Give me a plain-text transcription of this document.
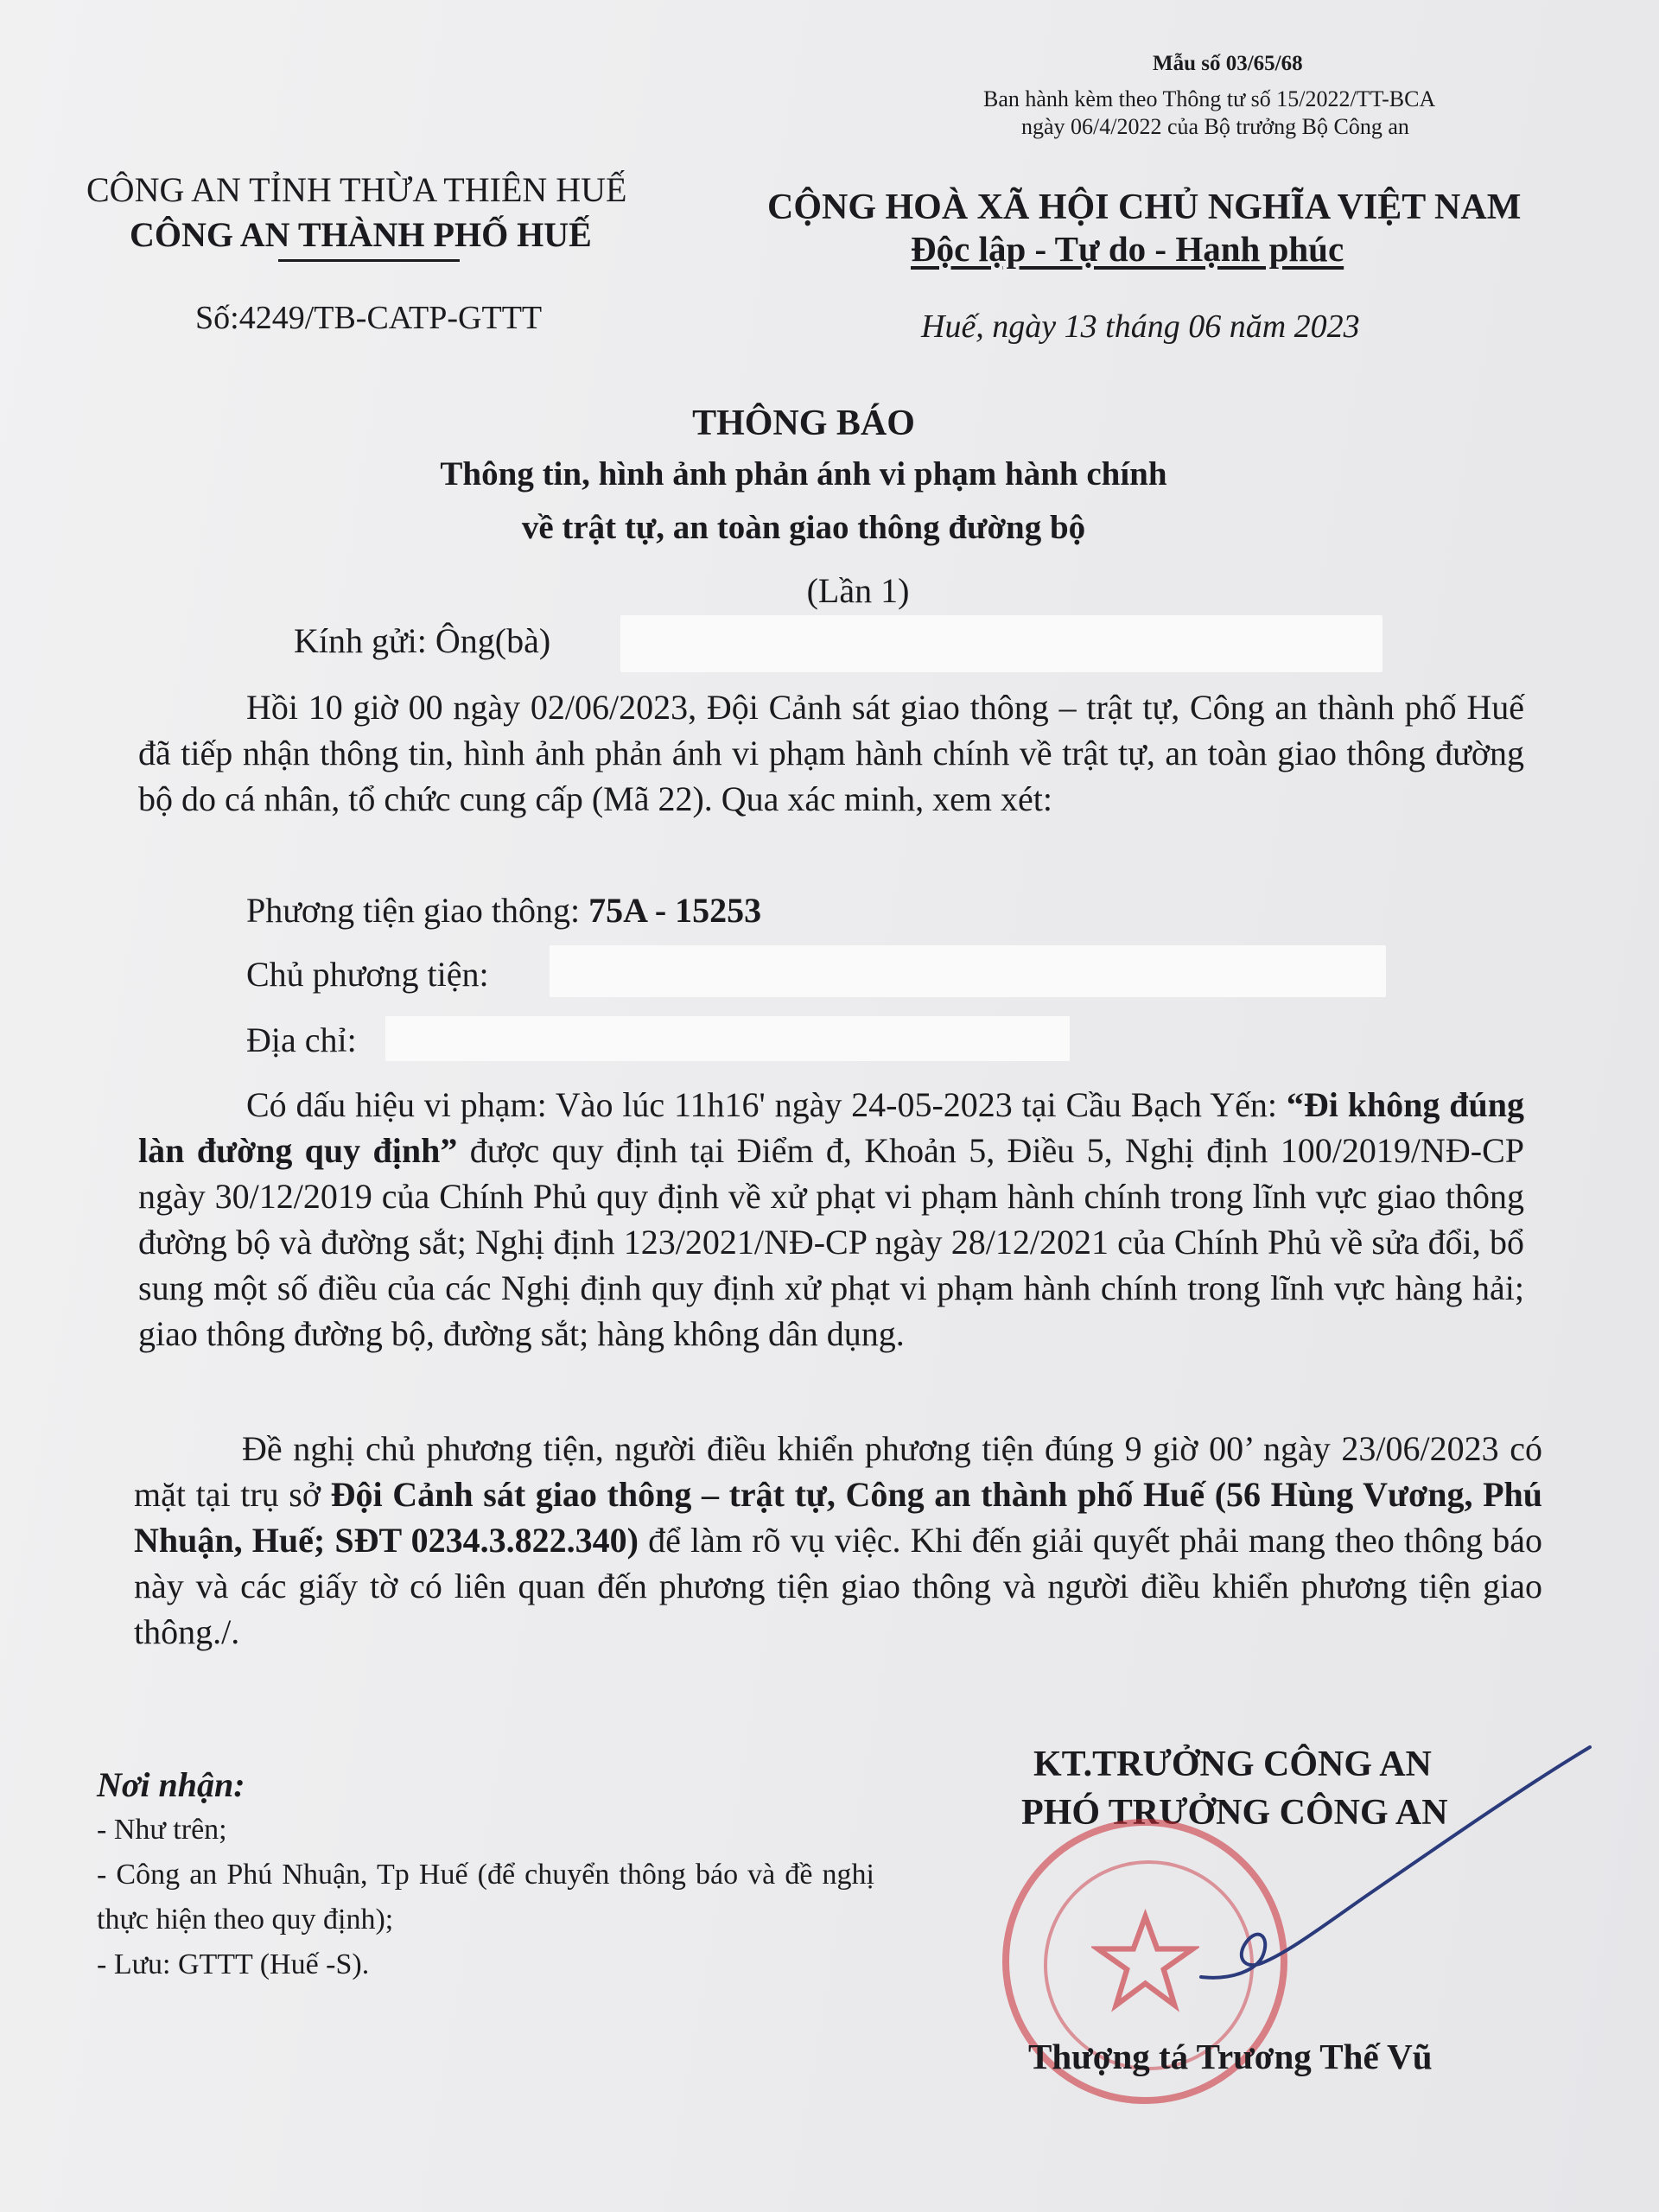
Mẫu số 03/65/68
Ban hành kèm theo Thông tư số 15/2022/TT-BCA
ngày 06/4/2022 của Bộ trưởng Bộ Công an
CÔNG AN TỈNH THỪA THIÊN HUẾ
CÔNG AN THÀNH PHỐ HUẾ
Số:4249/TB-CATP-GTTT
CỘNG HOÀ XÃ HỘI CHỦ NGHĨA VIỆT NAM
Độc lập - Tự do - Hạnh phúc
Huế, ngày 13 tháng 06 năm 2023
THÔNG BÁO
Thông tin, hình ảnh phản ánh vi phạm hành chính
về trật tự, an toàn giao thông đường bộ
(Lần 1)
Kính gửi: Ông(bà)
Hồi 10 giờ 00 ngày 02/06/2023, Đội Cảnh sát giao thông – trật tự, Công an thành phố Huế đã tiếp nhận thông tin, hình ảnh phản ánh vi phạm hành chính về trật tự, an toàn giao thông đường bộ do cá nhân, tổ chức cung cấp (Mã 22). Qua xác minh, xem xét:
Phương tiện giao thông: 75A - 15253
Chủ phương tiện:
Địa chỉ:
Có dấu hiệu vi phạm: Vào lúc 11h16' ngày 24-05-2023 tại Cầu Bạch Yến: “Đi không đúng làn đường quy định” được quy định tại Điểm đ, Khoản 5, Điều 5, Nghị định 100/2019/NĐ-CP ngày 30/12/2019 của Chính Phủ quy định về xử phạt vi phạm hành chính trong lĩnh vực giao thông đường bộ và đường sắt; Nghị định 123/2021/NĐ-CP ngày 28/12/2021 của Chính Phủ về sửa đổi, bổ sung một số điều của các Nghị định quy định xử phạt vi phạm hành chính trong lĩnh vực hàng hải; giao thông đường bộ, đường sắt; hàng không dân dụng.
Đề nghị chủ phương tiện, người điều khiển phương tiện đúng 9 giờ 00’ ngày 23/06/2023 có mặt tại trụ sở Đội Cảnh sát giao thông – trật tự, Công an thành phố Huế (56 Hùng Vương, Phú Nhuận, Huế; SĐT 0234.3.822.340) để làm rõ vụ việc. Khi đến giải quyết phải mang theo thông báo này và các giấy tờ có liên quan đến phương tiện giao thông và người điều khiển phương tiện giao thông./.
Nơi nhận:
- Như trên;
- Công an Phú Nhuận, Tp Huế (để chuyển thông báo và đề nghị thực hiện theo quy định);
- Lưu: GTTT (Huế -S).
KT.TRƯỞNG CÔNG AN
PHÓ TRƯỞNG CÔNG AN
Thượng tá Trương Thế Vũ
